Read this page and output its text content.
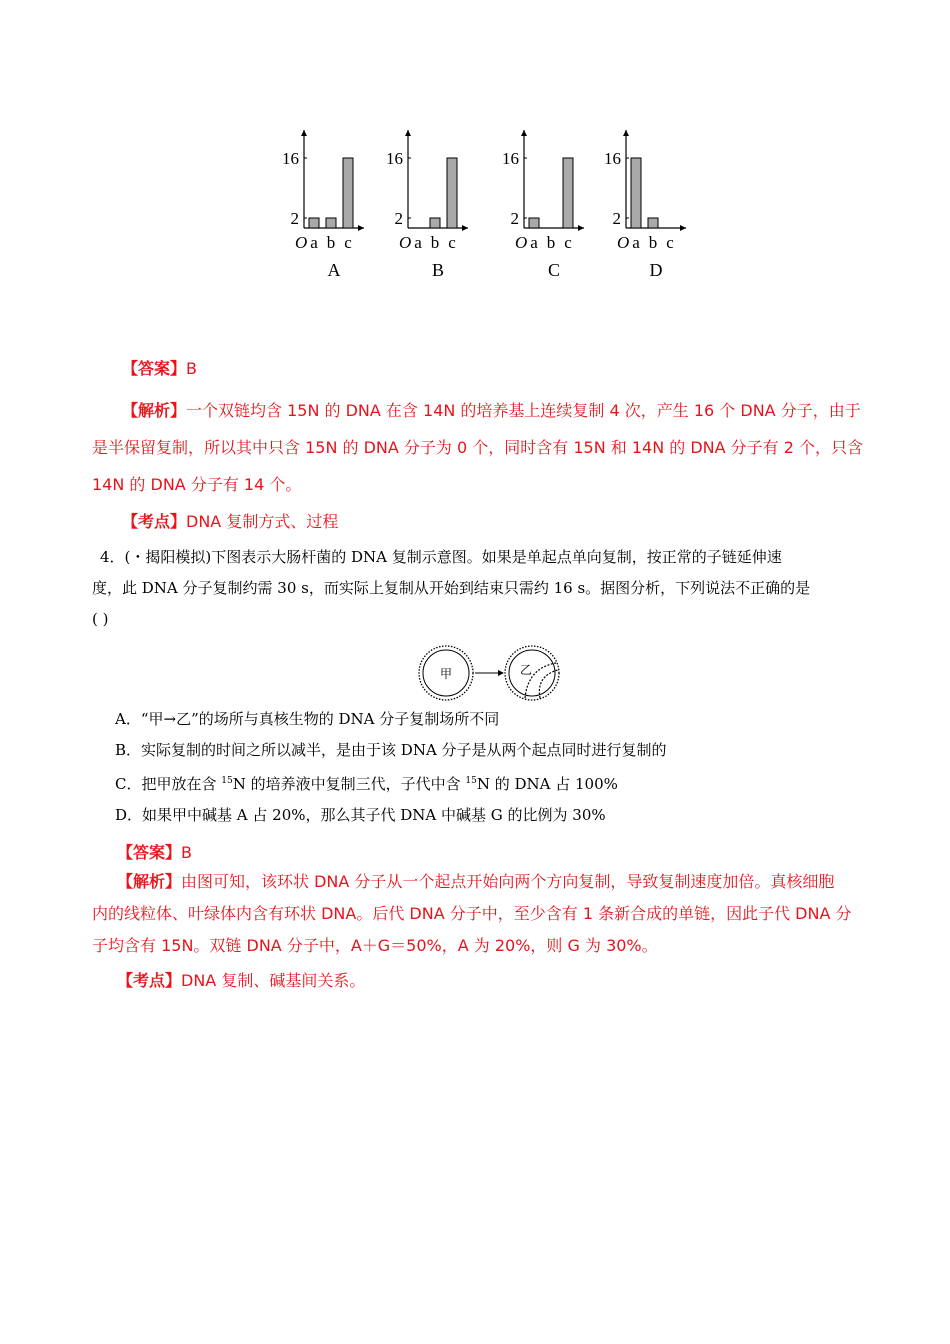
2
16
O a b c
A
2
16
O a b c
B
2
16
O a b c
C
2
16
O a b c
D
【答案】B
【解析】一个双链均含 15N 的 DNA 在含 14N 的培养基上连续复制 4 次，产生 16 个 DNA 分子，由于
是半保留复制，所以其中只含 15N 的 DNA 分子为 0 个，同时含有 15N 和 14N 的 DNA 分子有 2 个，只含
14N 的 DNA 分子有 14 个。
【考点】DNA 复制方式、过程
4．(・揭阳模拟)下图表示大肠杆菌的 DNA 复制示意图。如果是单起点单向复制，按正常的子链延伸速
度，此 DNA 分子复制约需 30 s，而实际上复制从开始到结束只需约 16 s。据图分析，下列说法不正确的是
( )
甲	乙
A．“甲→乙”的场所与真核生物的 DNA 分子复制场所不同
B．实际复制的时间之所以减半，是由于该 DNA 分子是从两个起点同时进行复制的
C．把甲放在含 $^{15}$N 的培养液中复制三代，子代中含 $^{15}$N 的 DNA 占 100%
D．如果甲中碱基 A 占 20%，那么其子代 DNA 中碱基 G 的比例为 30%
【答案】B
【解析】由图可知，该环状 DNA 分子从一个起点开始向两个方向复制，导致复制速度加倍。真核细胞
内的线粒体、叶绿体内含有环状 DNA。后代 DNA 分子中，至少含有 1 条新合成的单链，因此子代 DNA 分
子均含有 15N。双链 DNA 分子中，A＋G＝50%，A 为 20%，则 G 为 30%。
【考点】DNA 复制、碱基间关系。
